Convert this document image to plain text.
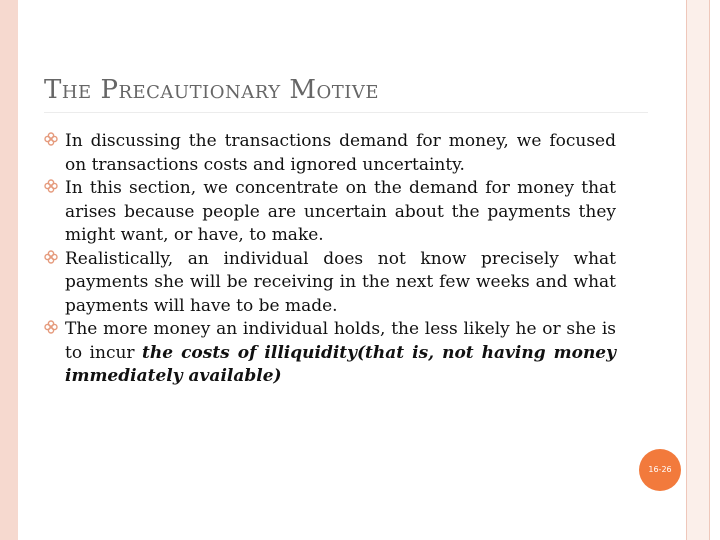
The Precautionary Motive
In discussing the transactions demand for money, we focused on transactions costs and ignored uncertainty.
In this section, we concentrate on the demand for money that arises because people are uncertain about the payments they might want, or have, to make.
Realistically, an individual does not know precisely what payments she will be receiving in the next few weeks and what payments will have to be made.
The more money an individual holds, the less likely he or she is to incur the costs of illiquidity(that is, not having money immediately available)
16-26
